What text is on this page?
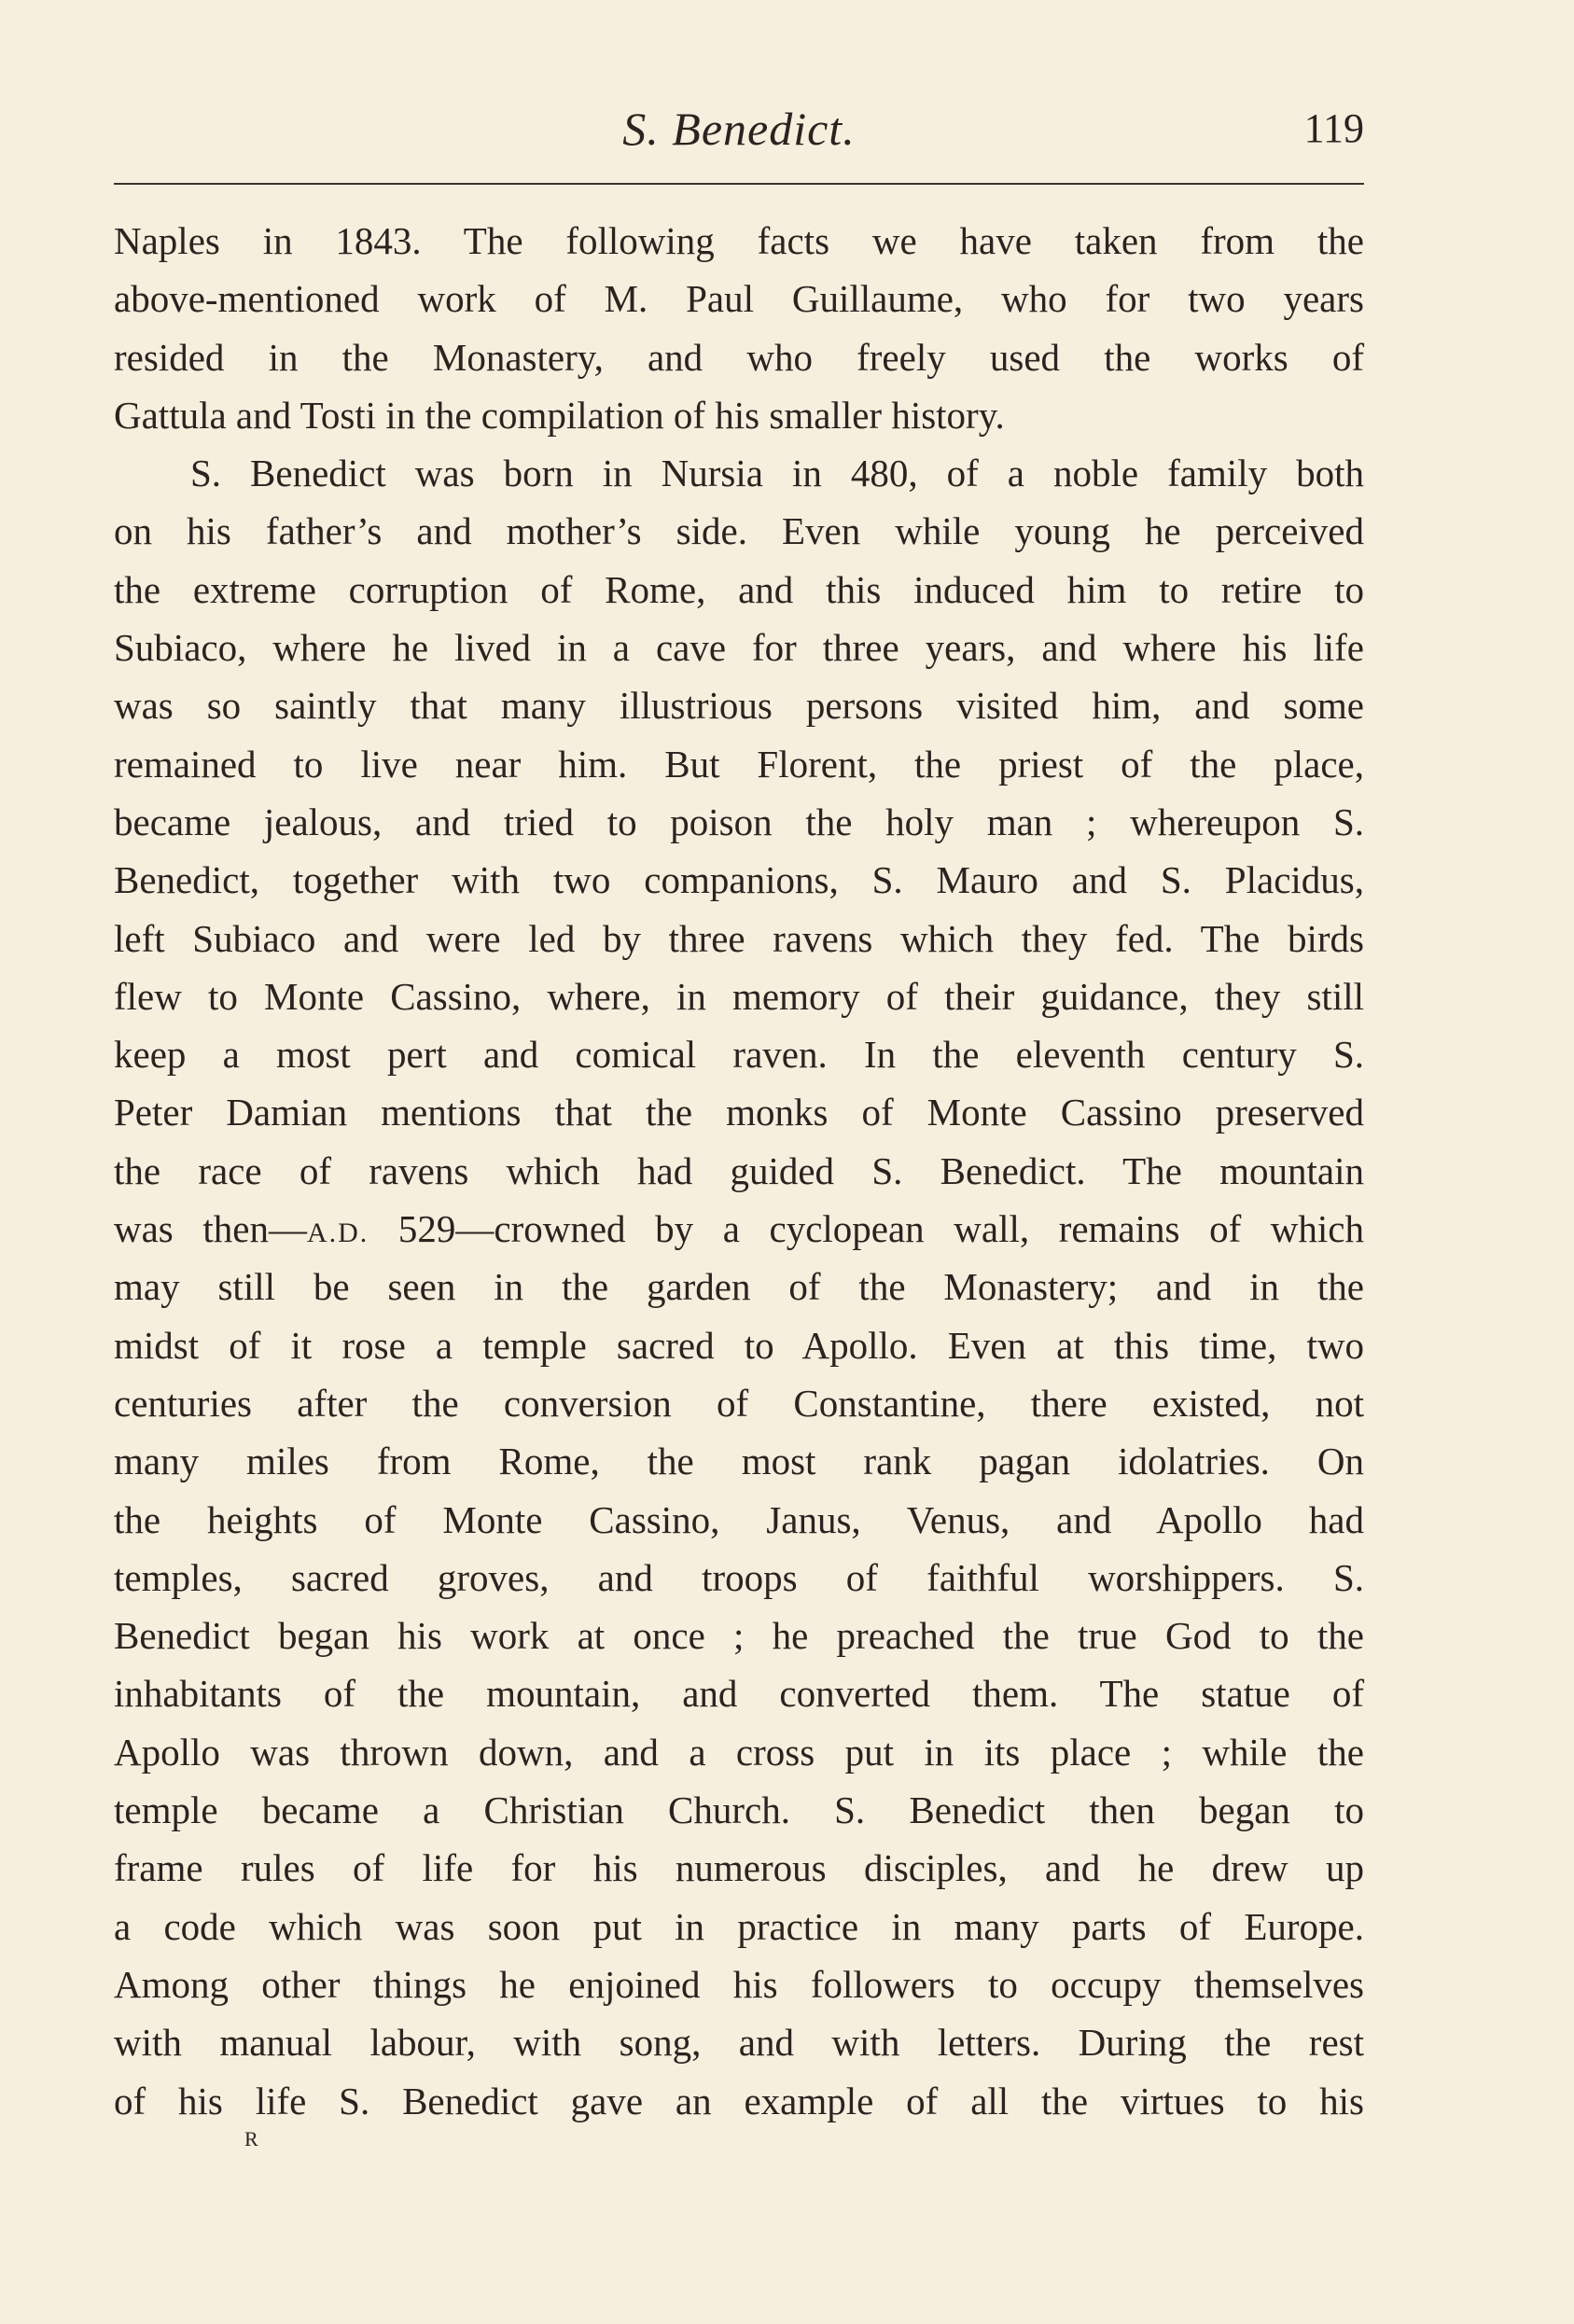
S. Benedict.	119
Naples in 1843. The following facts we have taken from the
above-mentioned work of M. Paul Guillaume, who for two years
resided in the Monastery, and who freely used the works of
Gattula and Tosti in the compilation of his smaller history.
S. Benedict was born in Nursia in 480, of a noble family both
on his father’s and mother’s side. Even while young he perceived
the extreme corruption of Rome, and this induced him to retire to
Subiaco, where he lived in a cave for three years, and where his life
was so saintly that many illustrious persons visited him, and some
remained to live near him. But Florent, the priest of the place,
became jealous, and tried to poison the holy man ; whereupon S.
Benedict, together with two companions, S. Mauro and S. Placidus,
left Subiaco and were led by three ravens which they fed. The birds
flew to Monte Cassino, where, in memory of their guidance, they still
keep a most pert and comical raven. In the eleventh century S.
Peter Damian mentions that the monks of Monte Cassino preserved
the race of ravens which had guided S. Benedict. The mountain
was then—A.D. 529—crowned by a cyclopean wall, remains of which
may still be seen in the garden of the Monastery; and in the
midst of it rose a temple sacred to Apollo. Even at this time, two
centuries after the conversion of Constantine, there existed, not
many miles from Rome, the most rank pagan idolatries. On
the heights of Monte Cassino, Janus, Venus, and Apollo had
temples, sacred groves, and troops of faithful worshippers. S.
Benedict began his work at once ; he preached the true God to the
inhabitants of the mountain, and converted them. The statue of
Apollo was thrown down, and a cross put in its place ; while the
temple became a Christian Church. S. Benedict then began to
frame rules of life for his numerous disciples, and he drew up
a code which was soon put in practice in many parts of Europe.
Among other things he enjoined his followers to occupy themselves
with manual labour, with song, and with letters. During the rest
of his life S. Benedict gave an example of all the virtues to his
R
